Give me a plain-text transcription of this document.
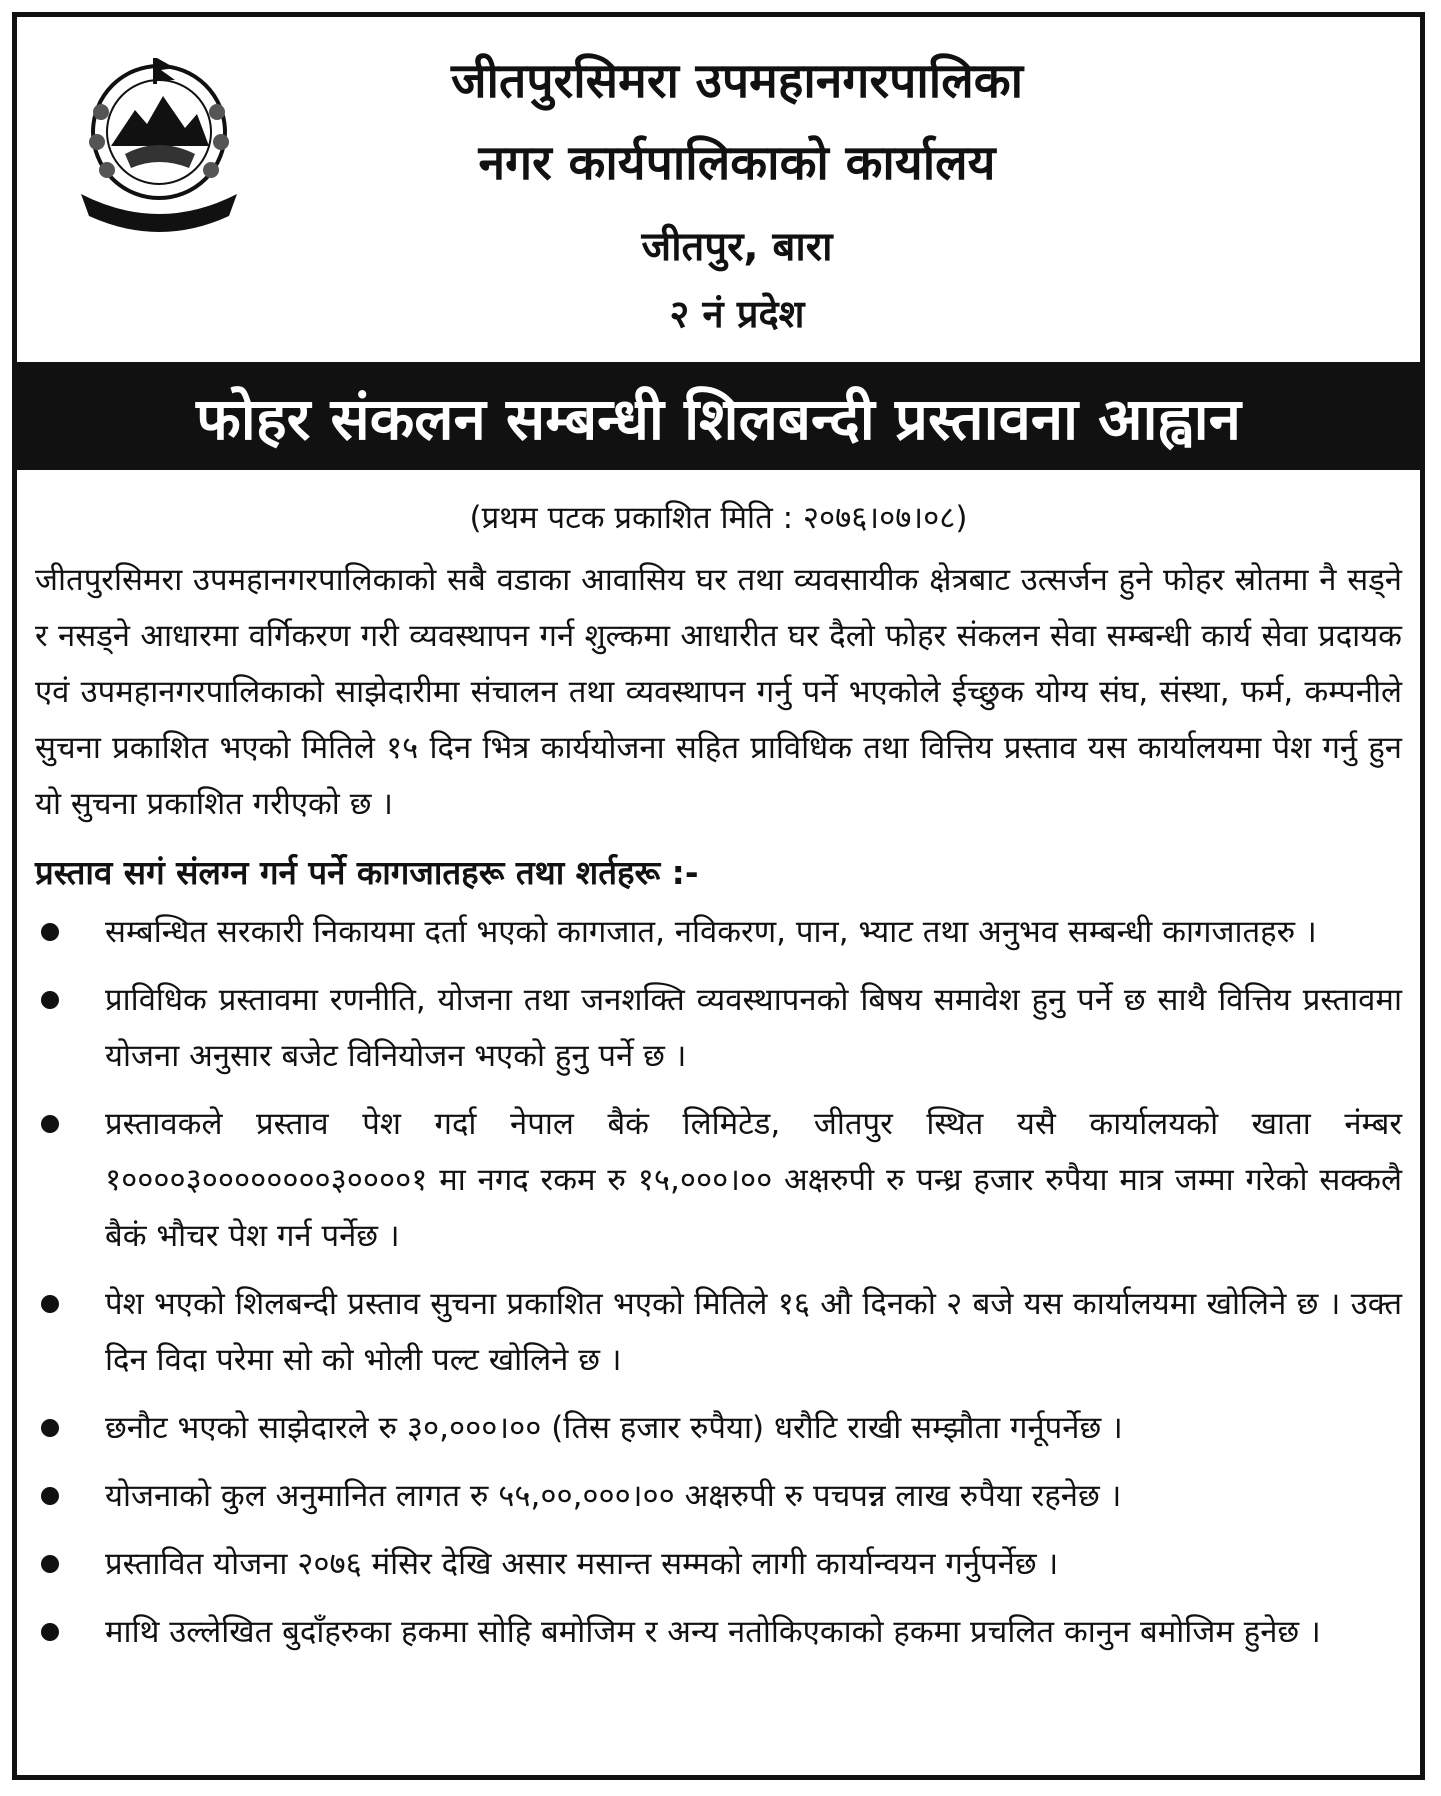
जीतपुरसिमरा उपमहानगरपालिका
नगर कार्यपालिकाको कार्यालय
जीतपुर, बारा
२ नं प्रदेश
फोहर संकलन सम्बन्धी शिलबन्दी प्रस्तावना आह्वान
(प्रथम पटक प्रकाशित मिति : २०७६।०७।०८)

जीतपुरसिमरा उपमहानगरपालिकाको सबै वडाका आवासिय घर तथा व्यवसायीक क्षेत्रबाट उत्सर्जन हुने फोहर स्रोतमा नै सड्ने र नसड्ने आधारमा वर्गिकरण गरी व्यवस्थापन गर्न शुल्कमा आधारीत घर दैलो फोहर संकलन सेवा सम्बन्धी कार्य सेवा प्रदायक एवं उपमहानगरपालिकाको साझेदारीमा संचालन तथा व्यवस्थापन गर्नु पर्ने भएकोले ईच्छुक योग्य संघ, संस्था, फर्म, कम्पनीले सुचना प्रकाशित भएको मितिले १५ दिन भित्र कार्ययोजना सहित प्राविधिक तथा वित्तिय प्रस्ताव यस कार्यालयमा पेश गर्नु हुन यो सुचना प्रकाशित गरीएको छ ।

प्रस्ताव सगं संलग्न गर्न पर्ने कागजातहरू तथा शर्तहरू :-
सम्बन्धित सरकारी निकायमा दर्ता भएको कागजात, नविकरण, पान, भ्याट तथा अनुभव सम्बन्धी कागजातहरु ।
प्राविधिक प्रस्तावमा रणनीति, योजना तथा जनशक्ति व्यवस्थापनको बिषय समावेश हुनु पर्ने छ साथै वित्तिय प्रस्तावमा योजना अनुसार बजेट विनियोजन भएको हुनु पर्ने छ ।
प्रस्तावकले प्रस्ताव पेश गर्दा नेपाल बैकं लिमिटेड, जीतपुर स्थित यसै कार्यालयको खाता नंम्बर १००००३००००००००३००००१ मा नगद रकम रु १५,०००।०० अक्षरुपी रु पन्ध्र हजार रुपैया मात्र जम्मा गरेको सक्कलै बैकं भौचर पेश गर्न पर्नेछ ।
पेश भएको शिलबन्दी प्रस्ताव सुचना प्रकाशित भएको मितिले १६ औ दिनको २ बजे यस कार्यालयमा खोलिने छ । उक्त दिन विदा परेमा सो को भोली पल्ट खोलिने छ ।
छनौट भएको साझेदारले रु ३०,०००।०० (तिस हजार रुपैया) धरौटि राखी सम्झौता गर्नूपर्नेछ ।
योजनाको कुल अनुमानित लागत रु ५५,००,०००।०० अक्षरुपी रु पचपन्न लाख रुपैया रहनेछ ।
प्रस्तावित योजना २०७६ मंसिर देखि असार मसान्त सम्मको लागी कार्यान्वयन गर्नुपर्नेछ ।
माथि उल्लेखित बुदाँहरुका हकमा सोहि बमोजिम र अन्य नतोकिएकाको हकमा प्रचलित कानुन बमोजिम हुनेछ ।
